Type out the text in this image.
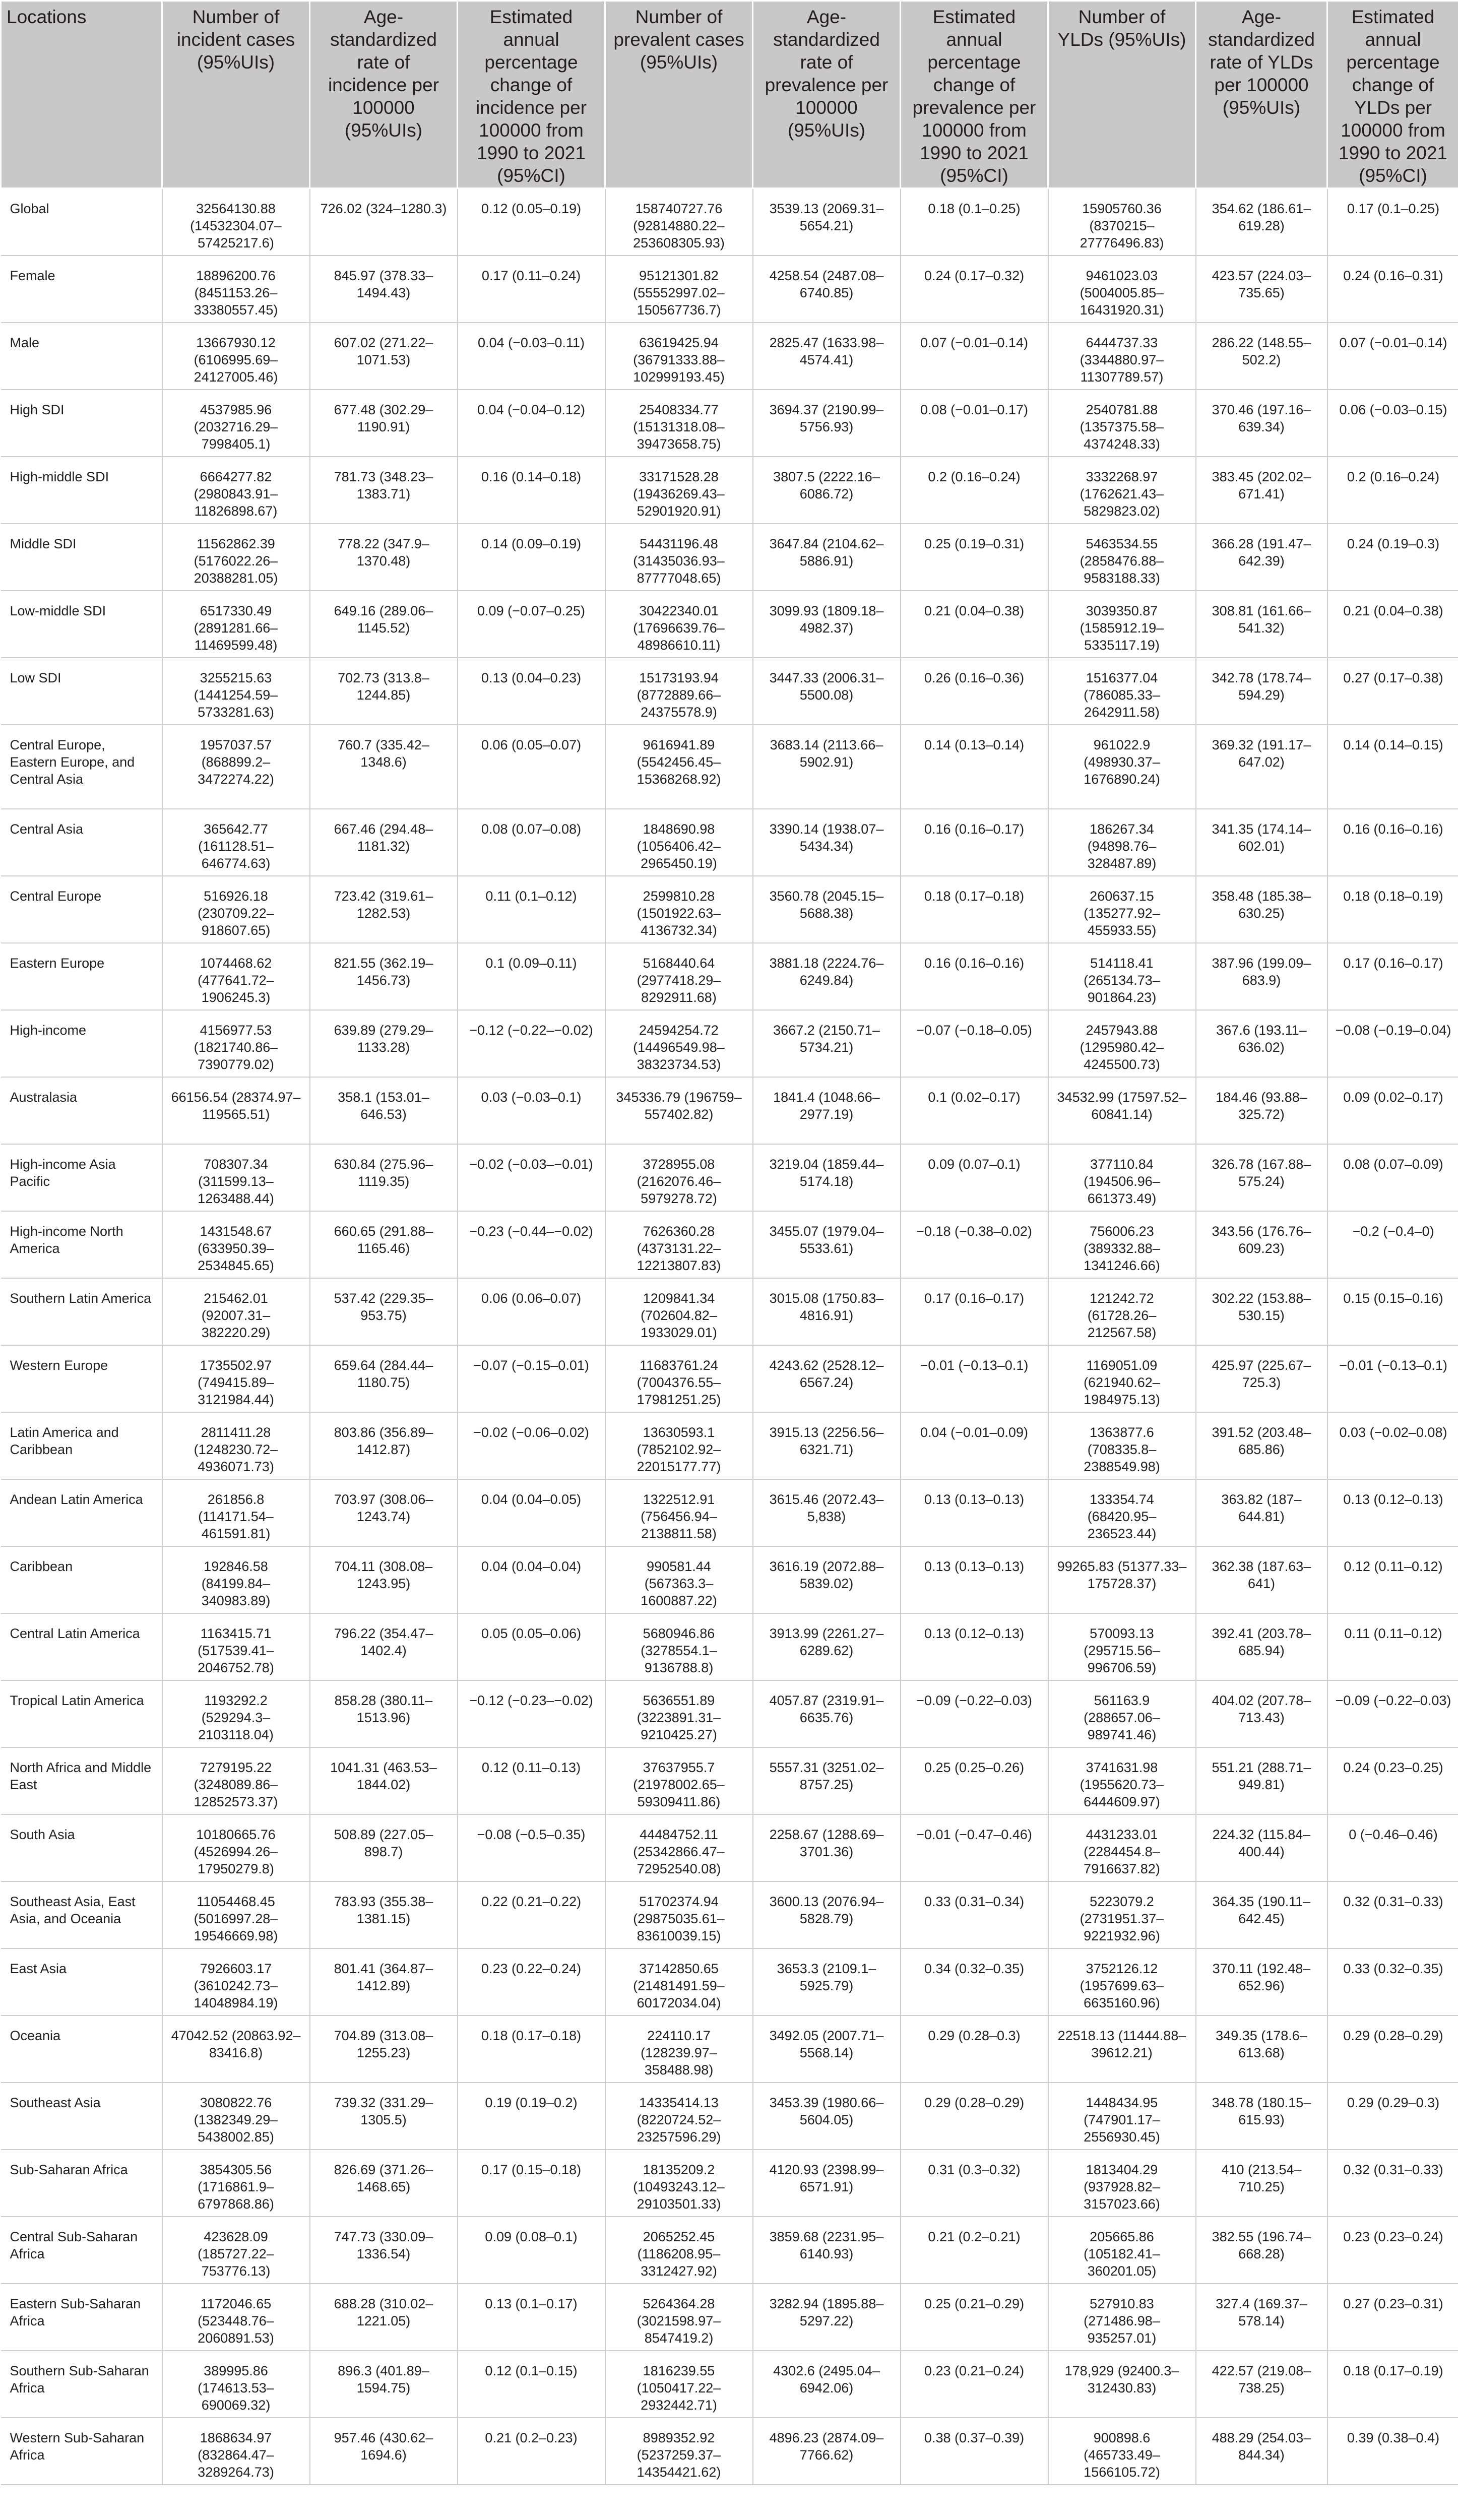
Locations	Number of incident cases (95%UIs)	Age-standardized rate of incidence per 100000 (95%UIs)	Estimated annual percentage change of incidence per 100000 from 1990 to 2021 (95%CI)	Number of prevalent cases (95%UIs)	Age-standardized rate of prevalence per 100000 (95%UIs)	Estimated annual percentage change of prevalence per 100000 from 1990 to 2021 (95%CI)	Number of YLDs (95%UIs)	Age-standardized rate of YLDs per 100000 (95%UIs)	Estimated annual percentage change of YLDs per 100000 from 1990 to 2021 (95%CI)
Global	32564130.88 (14532304.07–57425217.6)	726.02 (324–1280.3)	0.12 (0.05–0.19)	158740727.76 (92814880.22–253608305.93)	3539.13 (2069.31–5654.21)	0.18 (0.1–0.25)	15905760.36 (8370215–27776496.83)	354.62 (186.61–619.28)	0.17 (0.1–0.25)
Female	18896200.76 (8451153.26–33380557.45)	845.97 (378.33–1494.43)	0.17 (0.11–0.24)	95121301.82 (55552997.02–150567736.7)	4258.54 (2487.08–6740.85)	0.24 (0.17–0.32)	9461023.03 (5004005.85–16431920.31)	423.57 (224.03–735.65)	0.24 (0.16–0.31)
Male	13667930.12 (6106995.69–24127005.46)	607.02 (271.22–1071.53)	0.04 (−0.03–0.11)	63619425.94 (36791333.88–102999193.45)	2825.47 (1633.98–4574.41)	0.07 (−0.01–0.14)	6444737.33 (3344880.97–11307789.57)	286.22 (148.55–502.2)	0.07 (−0.01–0.14)
High SDI	4537985.96 (2032716.29–7998405.1)	677.48 (302.29–1190.91)	0.04 (−0.04–0.12)	25408334.77 (15131318.08–39473658.75)	3694.37 (2190.99–5756.93)	0.08 (−0.01–0.17)	2540781.88 (1357375.58–4374248.33)	370.46 (197.16–639.34)	0.06 (−0.03–0.15)
High-middle SDI	6664277.82 (2980843.91–11826898.67)	781.73 (348.23–1383.71)	0.16 (0.14–0.18)	33171528.28 (19436269.43–52901920.91)	3807.5 (2222.16–6086.72)	0.2 (0.16–0.24)	3332268.97 (1762621.43–5829823.02)	383.45 (202.02–671.41)	0.2 (0.16–0.24)
Middle SDI	11562862.39 (5176022.26–20388281.05)	778.22 (347.9–1370.48)	0.14 (0.09–0.19)	54431196.48 (31435036.93–87777048.65)	3647.84 (2104.62–5886.91)	0.25 (0.19–0.31)	5463534.55 (2858476.88–9583188.33)	366.28 (191.47–642.39)	0.24 (0.19–0.3)
Low-middle SDI	6517330.49 (2891281.66–11469599.48)	649.16 (289.06–1145.52)	0.09 (−0.07–0.25)	30422340.01 (17696639.76–48986610.11)	3099.93 (1809.18–4982.37)	0.21 (0.04–0.38)	3039350.87 (1585912.19–5335117.19)	308.81 (161.66–541.32)	0.21 (0.04–0.38)
Low SDI	3255215.63 (1441254.59–5733281.63)	702.73 (313.8–1244.85)	0.13 (0.04–0.23)	15173193.94 (8772889.66–24375578.9)	3447.33 (2006.31–5500.08)	0.26 (0.16–0.36)	1516377.04 (786085.33–2642911.58)	342.78 (178.74–594.29)	0.27 (0.17–0.38)
Central Europe, Eastern Europe, and Central Asia	1957037.57 (868899.2–3472274.22)	760.7 (335.42–1348.6)	0.06 (0.05–0.07)	9616941.89 (5542456.45–15368268.92)	3683.14 (2113.66–5902.91)	0.14 (0.13–0.14)	961022.9 (498930.37–1676890.24)	369.32 (191.17–647.02)	0.14 (0.14–0.15)
Central Asia	365642.77 (161128.51–646774.63)	667.46 (294.48–1181.32)	0.08 (0.07–0.08)	1848690.98 (1056406.42–2965450.19)	3390.14 (1938.07–5434.34)	0.16 (0.16–0.17)	186267.34 (94898.76–328487.89)	341.35 (174.14–602.01)	0.16 (0.16–0.16)
Central Europe	516926.18 (230709.22–918607.65)	723.42 (319.61–1282.53)	0.11 (0.1–0.12)	2599810.28 (1501922.63–4136732.34)	3560.78 (2045.15–5688.38)	0.18 (0.17–0.18)	260637.15 (135277.92–455933.55)	358.48 (185.38–630.25)	0.18 (0.18–0.19)
Eastern Europe	1074468.62 (477641.72–1906245.3)	821.55 (362.19–1456.73)	0.1 (0.09–0.11)	5168440.64 (2977418.29–8292911.68)	3881.18 (2224.76–6249.84)	0.16 (0.16–0.16)	514118.41 (265134.73–901864.23)	387.96 (199.09–683.9)	0.17 (0.16–0.17)
High-income	4156977.53 (1821740.86–7390779.02)	639.89 (279.29–1133.28)	−0.12 (−0.22–−0.02)	24594254.72 (14496549.98–38323734.53)	3667.2 (2150.71–5734.21)	−0.07 (−0.18–0.05)	2457943.88 (1295980.42–4245500.73)	367.6 (193.11–636.02)	−0.08 (−0.19–0.04)
Australasia	66156.54 (28374.97–119565.51)	358.1 (153.01–646.53)	0.03 (−0.03–0.1)	345336.79 (196759–557402.82)	1841.4 (1048.66–2977.19)	0.1 (0.02–0.17)	34532.99 (17597.52–60841.14)	184.46 (93.88–325.72)	0.09 (0.02–0.17)
High-income Asia Pacific	708307.34 (311599.13–1263488.44)	630.84 (275.96–1119.35)	−0.02 (−0.03–−0.01)	3728955.08 (2162076.46–5979278.72)	3219.04 (1859.44–5174.18)	0.09 (0.07–0.1)	377110.84 (194506.96–661373.49)	326.78 (167.88–575.24)	0.08 (0.07–0.09)
High-income North America	1431548.67 (633950.39–2534845.65)	660.65 (291.88–1165.46)	−0.23 (−0.44–−0.02)	7626360.28 (4373131.22–12213807.83)	3455.07 (1979.04–5533.61)	−0.18 (−0.38–0.02)	756006.23 (389332.88–1341246.66)	343.56 (176.76–609.23)	−0.2 (−0.4–0)
Southern Latin America	215462.01 (92007.31–382220.29)	537.42 (229.35–953.75)	0.06 (0.06–0.07)	1209841.34 (702604.82–1933029.01)	3015.08 (1750.83–4816.91)	0.17 (0.16–0.17)	121242.72 (61728.26–212567.58)	302.22 (153.88–530.15)	0.15 (0.15–0.16)
Western Europe	1735502.97 (749415.89–3121984.44)	659.64 (284.44–1180.75)	−0.07 (−0.15–0.01)	11683761.24 (7004376.55–17981251.25)	4243.62 (2528.12–6567.24)	−0.01 (−0.13–0.1)	1169051.09 (621940.62–1984975.13)	425.97 (225.67–725.3)	−0.01 (−0.13–0.1)
Latin America and Caribbean	2811411.28 (1248230.72–4936071.73)	803.86 (356.89–1412.87)	−0.02 (−0.06–0.02)	13630593.1 (7852102.92–22015177.77)	3915.13 (2256.56–6321.71)	0.04 (−0.01–0.09)	1363877.6 (708335.8–2388549.98)	391.52 (203.48–685.86)	0.03 (−0.02–0.08)
Andean Latin America	261856.8 (114171.54–461591.81)	703.97 (308.06–1243.74)	0.04 (0.04–0.05)	1322512.91 (756456.94–2138811.58)	3615.46 (2072.43–5,838)	0.13 (0.13–0.13)	133354.74 (68420.95–236523.44)	363.82 (187–644.81)	0.13 (0.12–0.13)
Caribbean	192846.58 (84199.84–340983.89)	704.11 (308.08–1243.95)	0.04 (0.04–0.04)	990581.44 (567363.3–1600887.22)	3616.19 (2072.88–5839.02)	0.13 (0.13–0.13)	99265.83 (51377.33–175728.37)	362.38 (187.63–641)	0.12 (0.11–0.12)
Central Latin America	1163415.71 (517539.41–2046752.78)	796.22 (354.47–1402.4)	0.05 (0.05–0.06)	5680946.86 (3278554.1–9136788.8)	3913.99 (2261.27–6289.62)	0.13 (0.12–0.13)	570093.13 (295715.56–996706.59)	392.41 (203.78–685.94)	0.11 (0.11–0.12)
Tropical Latin America	1193292.2 (529294.3–2103118.04)	858.28 (380.11–1513.96)	−0.12 (−0.23–−0.02)	5636551.89 (3223891.31–9210425.27)	4057.87 (2319.91–6635.76)	−0.09 (−0.22–0.03)	561163.9 (288657.06–989741.46)	404.02 (207.78–713.43)	−0.09 (−0.22–0.03)
North Africa and Middle East	7279195.22 (3248089.86–12852573.37)	1041.31 (463.53–1844.02)	0.12 (0.11–0.13)	37637955.7 (21978002.65–59309411.86)	5557.31 (3251.02–8757.25)	0.25 (0.25–0.26)	3741631.98 (1955620.73–6444609.97)	551.21 (288.71–949.81)	0.24 (0.23–0.25)
South Asia	10180665.76 (4526994.26–17950279.8)	508.89 (227.05–898.7)	−0.08 (−0.5–0.35)	44484752.11 (25342866.47–72952540.08)	2258.67 (1288.69–3701.36)	−0.01 (−0.47–0.46)	4431233.01 (2284454.8–7916637.82)	224.32 (115.84–400.44)	0 (−0.46–0.46)
Southeast Asia, East Asia, and Oceania	11054468.45 (5016997.28–19546669.98)	783.93 (355.38–1381.15)	0.22 (0.21–0.22)	51702374.94 (29875035.61–83610039.15)	3600.13 (2076.94–5828.79)	0.33 (0.31–0.34)	5223079.2 (2731951.37–9221932.96)	364.35 (190.11–642.45)	0.32 (0.31–0.33)
East Asia	7926603.17 (3610242.73–14048984.19)	801.41 (364.87–1412.89)	0.23 (0.22–0.24)	37142850.65 (21481491.59–60172034.04)	3653.3 (2109.1–5925.79)	0.34 (0.32–0.35)	3752126.12 (1957699.63–6635160.96)	370.11 (192.48–652.96)	0.33 (0.32–0.35)
Oceania	47042.52 (20863.92–83416.8)	704.89 (313.08–1255.23)	0.18 (0.17–0.18)	224110.17 (128239.97–358488.98)	3492.05 (2007.71–5568.14)	0.29 (0.28–0.3)	22518.13 (11444.88–39612.21)	349.35 (178.6–613.68)	0.29 (0.28–0.29)
Southeast Asia	3080822.76 (1382349.29–5438002.85)	739.32 (331.29–1305.5)	0.19 (0.19–0.2)	14335414.13 (8220724.52–23257596.29)	3453.39 (1980.66–5604.05)	0.29 (0.28–0.29)	1448434.95 (747901.17–2556930.45)	348.78 (180.15–615.93)	0.29 (0.29–0.3)
Sub-Saharan Africa	3854305.56 (1716861.9–6797868.86)	826.69 (371.26–1468.65)	0.17 (0.15–0.18)	18135209.2 (10493243.12–29103501.33)	4120.93 (2398.99–6571.91)	0.31 (0.3–0.32)	1813404.29 (937928.82–3157023.66)	410 (213.54–710.25)	0.32 (0.31–0.33)
Central Sub-Saharan Africa	423628.09 (185727.22–753776.13)	747.73 (330.09–1336.54)	0.09 (0.08–0.1)	2065252.45 (1186208.95–3312427.92)	3859.68 (2231.95–6140.93)	0.21 (0.2–0.21)	205665.86 (105182.41–360201.05)	382.55 (196.74–668.28)	0.23 (0.23–0.24)
Eastern Sub-Saharan Africa	1172046.65 (523448.76–2060891.53)	688.28 (310.02–1221.05)	0.13 (0.1–0.17)	5264364.28 (3021598.97–8547419.2)	3282.94 (1895.88–5297.22)	0.25 (0.21–0.29)	527910.83 (271486.98–935257.01)	327.4 (169.37–578.14)	0.27 (0.23–0.31)
Southern Sub-Saharan Africa	389995.86 (174613.53–690069.32)	896.3 (401.89–1594.75)	0.12 (0.1–0.15)	1816239.55 (1050417.22–2932442.71)	4302.6 (2495.04–6942.06)	0.23 (0.21–0.24)	178,929 (92400.3–312430.83)	422.57 (219.08–738.25)	0.18 (0.17–0.19)
Western Sub-Saharan Africa	1868634.97 (832864.47–3289264.73)	957.46 (430.62–1694.6)	0.21 (0.2–0.23)	8989352.92 (5237259.37–14354421.62)	4896.23 (2874.09–7766.62)	0.38 (0.37–0.39)	900898.6 (465733.49–1566105.72)	488.29 (254.03–844.34)	0.39 (0.38–0.4)
